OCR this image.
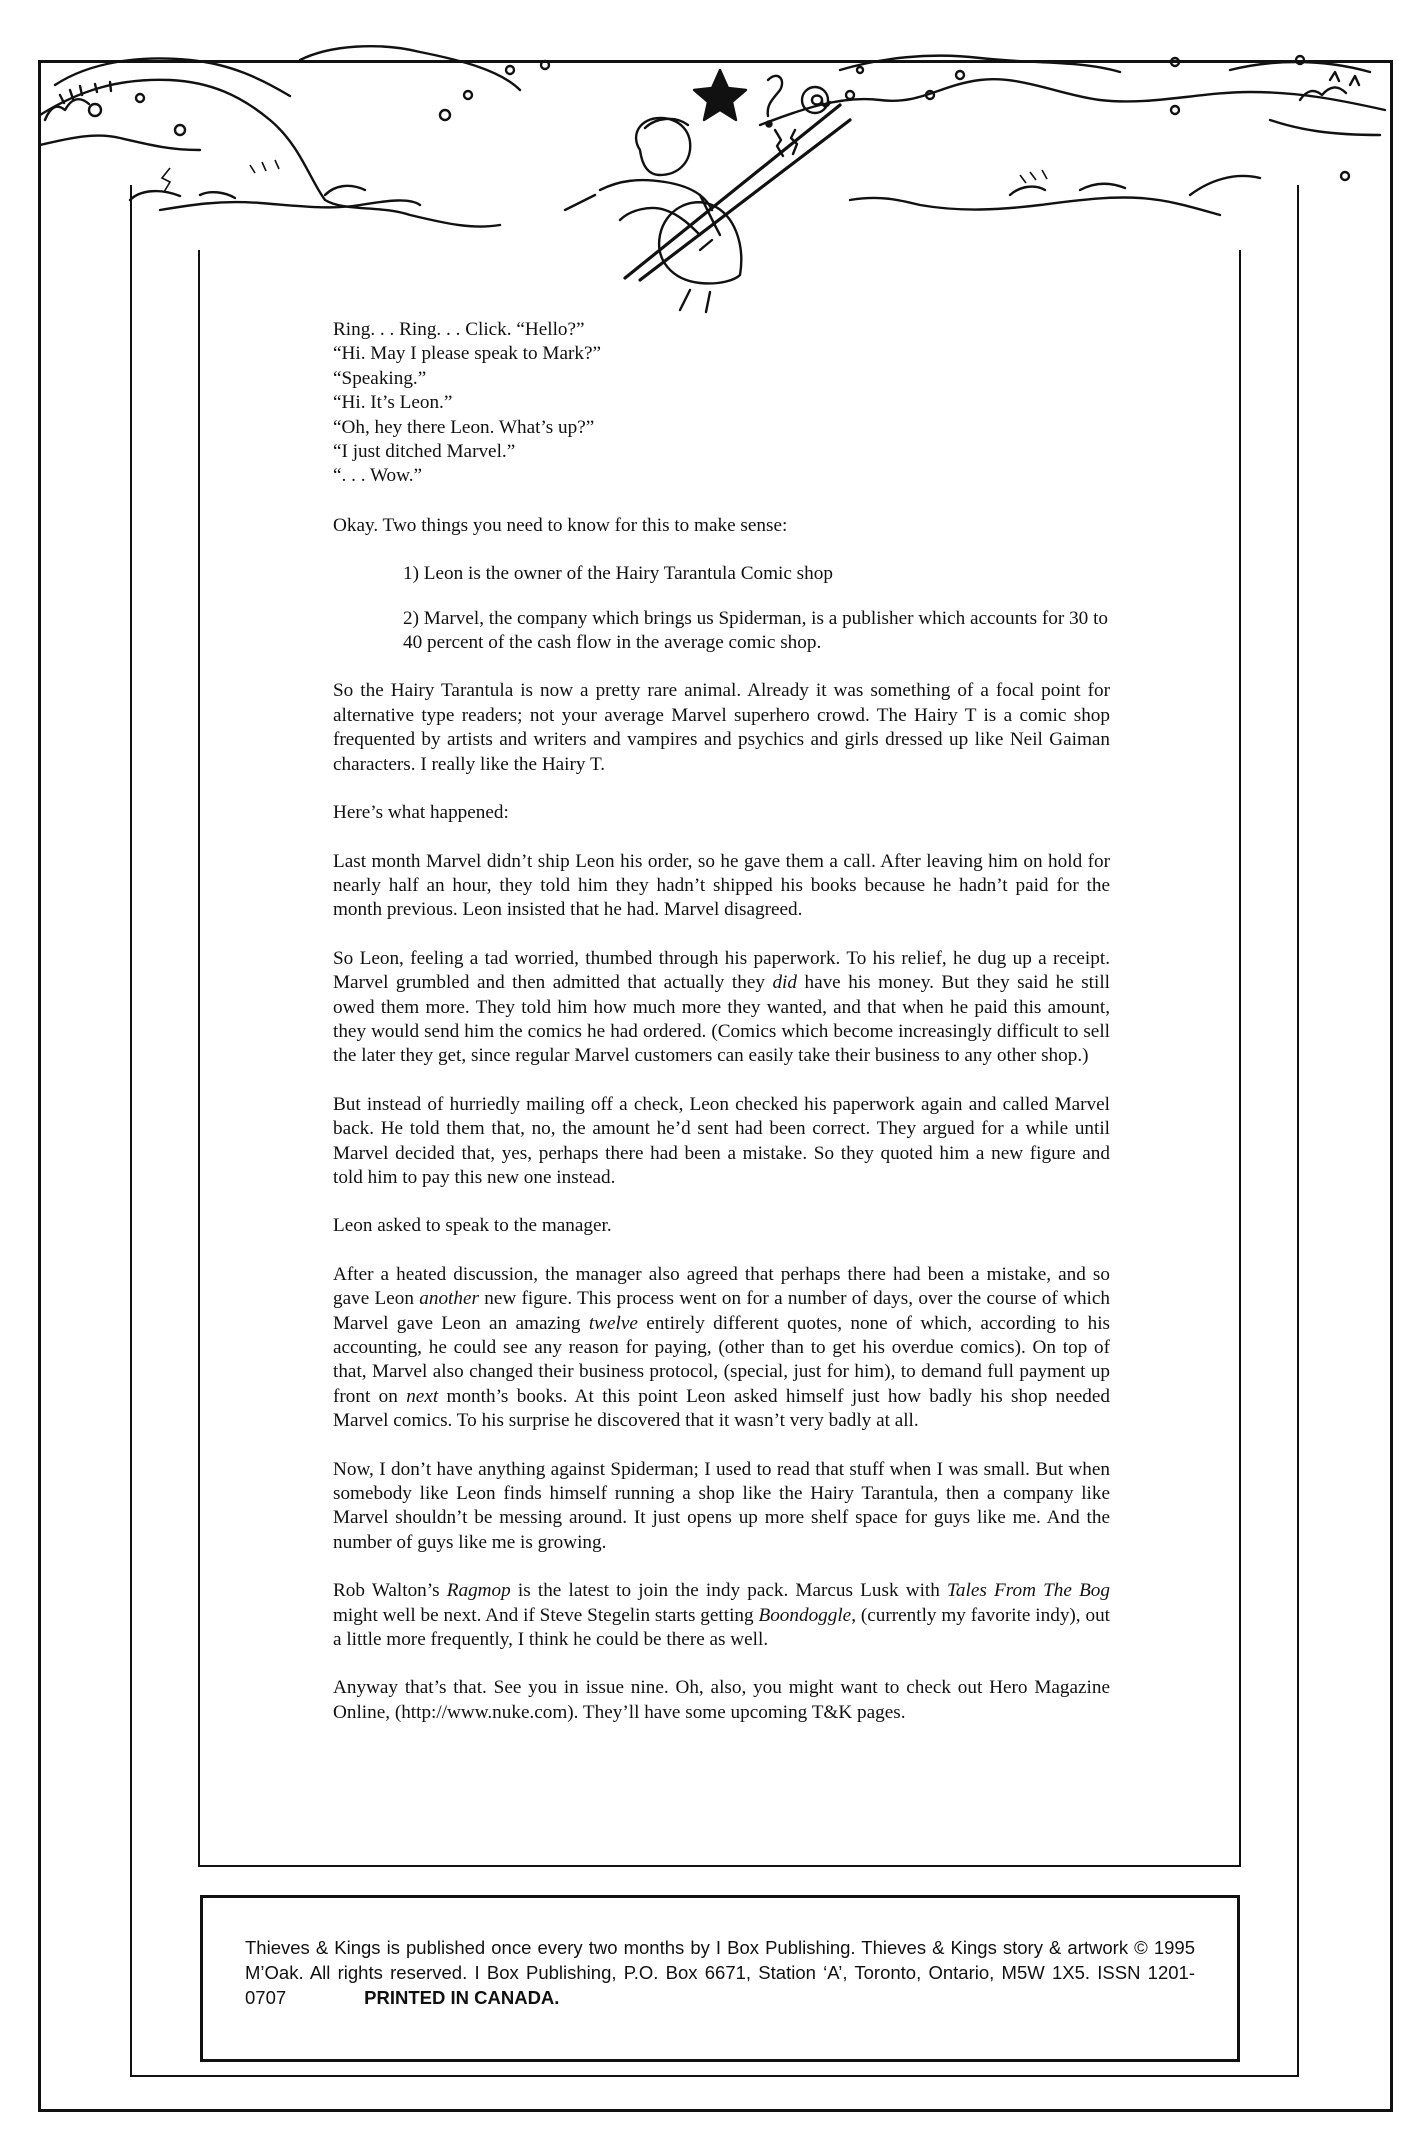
Ring. . . Ring. . . Click. “Hello?”
“Hi. May I please speak to Mark?”
“Speaking.”
“Hi. It’s Leon.”
“Oh, hey there Leon. What’s up?”
“I just ditched Marvel.”
“. . . Wow.”

Okay. Two things you need to know for this to make sense:

1) Leon is the owner of the Hairy Tarantula Comic shop

2) Marvel, the company which brings us Spiderman, is a publisher which accounts for 30 to 40 percent of the cash flow in the average comic shop.

So the Hairy Tarantula is now a pretty rare animal. Already it was something of a focal point for alternative type readers; not your average Marvel superhero crowd. The Hairy T is a comic shop frequented by artists and writers and vampires and psychics and girls dressed up like Neil Gaiman characters. I really like the Hairy T.

Here’s what happened:

Last month Marvel didn’t ship Leon his order, so he gave them a call. After leaving him on hold for nearly half an hour, they told him they hadn’t shipped his books because he hadn’t paid for the month previous. Leon insisted that he had. Marvel disagreed.

So Leon, feeling a tad worried, thumbed through his paperwork. To his relief, he dug up a receipt. Marvel grumbled and then admitted that actually they did have his money. But they said he still owed them more. They told him how much more they wanted, and that when he paid this amount, they would send him the comics he had ordered. (Comics which become increasingly difficult to sell the later they get, since regular Marvel customers can easily take their business to any other shop.)

But instead of hurriedly mailing off a check, Leon checked his paperwork again and called Marvel back. He told them that, no, the amount he’d sent had been correct. They argued for a while until Marvel decided that, yes, perhaps there had been a mistake. So they quoted him a new figure and told him to pay this new one instead.

Leon asked to speak to the manager.

After a heated discussion, the manager also agreed that perhaps there had been a mistake, and so gave Leon another new figure. This process went on for a number of days, over the course of which Marvel gave Leon an amazing twelve entirely different quotes, none of which, according to his accounting, he could see any reason for paying, (other than to get his overdue comics). On top of that, Marvel also changed their business protocol, (special, just for him), to demand full payment up front on next month’s books. At this point Leon asked himself just how badly his shop needed Marvel comics. To his surprise he discovered that it wasn’t very badly at all.

Now, I don’t have anything against Spiderman; I used to read that stuff when I was small. But when somebody like Leon finds himself running a shop like the Hairy Tarantula, then a company like Marvel shouldn’t be messing around. It just opens up more shelf space for guys like me. And the number of guys like me is growing.

Rob Walton’s Ragmop is the latest to join the indy pack. Marcus Lusk with Tales From The Bog might well be next. And if Steve Stegelin starts getting Boondoggle, (currently my favorite indy), out a little more frequently, I think he could be there as well.

Anyway that’s that. See you in issue nine. Oh, also, you might want to check out Hero Magazine Online, (http://www.nuke.com). They’ll have some upcoming T&K pages.

Thieves & Kings is published once every two months by I Box Publishing. Thieves & Kings story & artwork © 1995 M’Oak. All rights reserved. I Box Publishing, P.O. Box 6671, Station ‘A’, Toronto, Ontario, M5W 1X5. ISSN 1201-0707	PRINTED IN CANADA.
